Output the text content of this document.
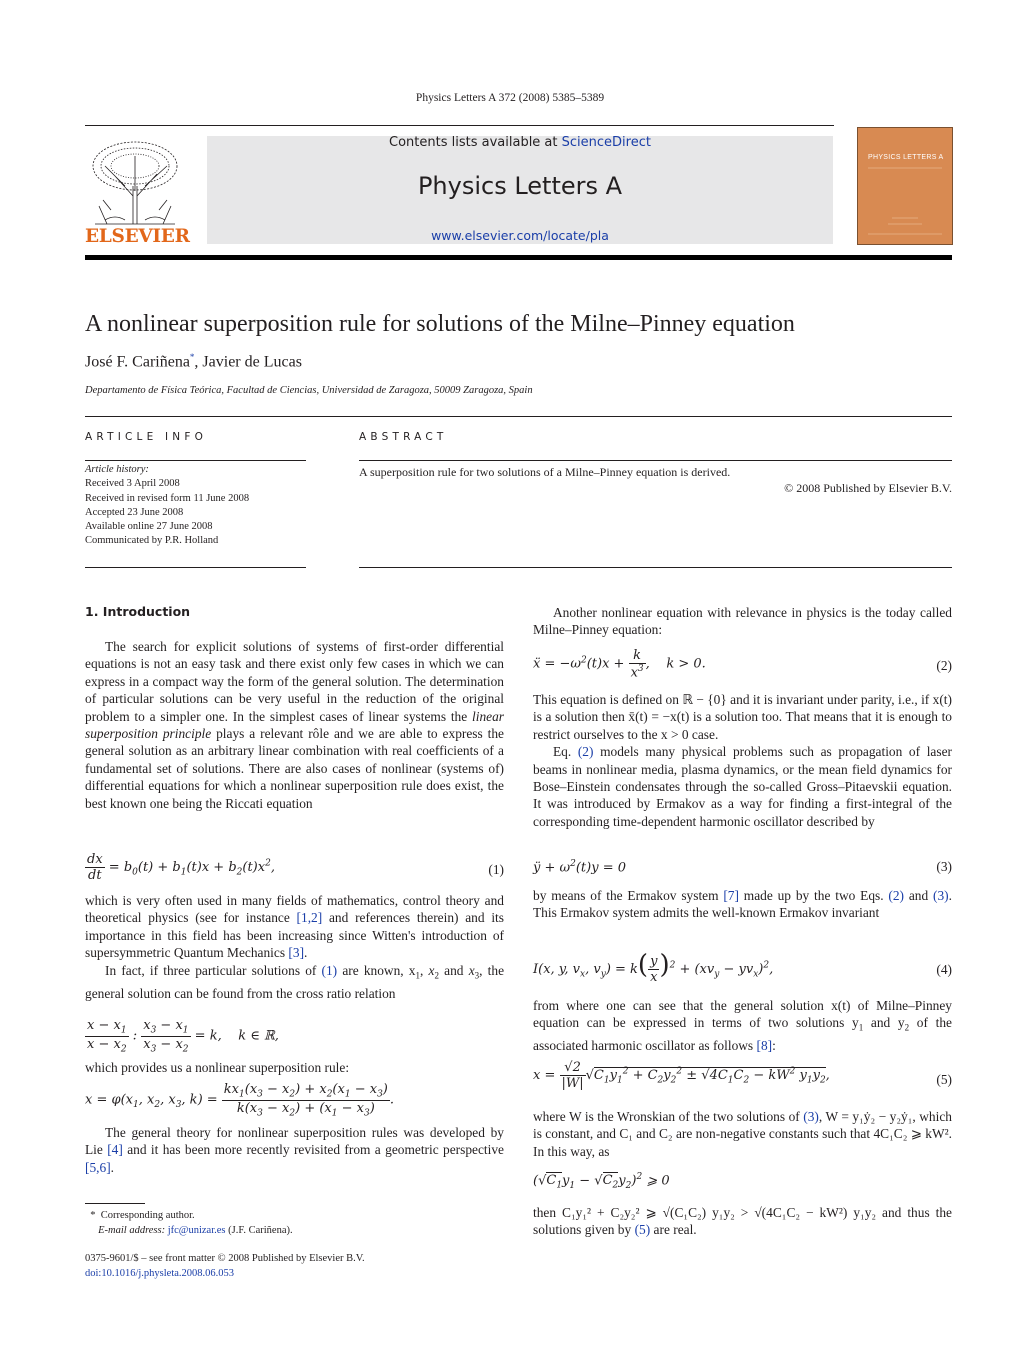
Physics Letters A 372 (2008) 5385–5389
ELSEVIER
Contents lists available at ScienceDirect
Physics Letters A
www.elsevier.com/locate/pla
PHYSICS LETTERS A
A nonlinear superposition rule for solutions of the Milne–Pinney equation
José F. Cariñena*, Javier de Lucas
Departamento de Física Teórica, Facultad de Ciencias, Universidad de Zaragoza, 50009 Zaragoza, Spain
ARTICLE INFO	ABSTRACT
Article history:
Received 3 April 2008
Received in revised form 11 June 2008
Accepted 23 June 2008
Available online 27 June 2008
Communicated by P.R. Holland
A superposition rule for two solutions of a Milne–Pinney equation is derived.
© 2008 Published by Elsevier B.V.
1. Introduction

The search for explicit solutions of systems of first-order differential equations is not an easy task and there exist only few cases in which we can express in a compact way the form of the general solution. The determination of particular solutions can be very useful in the reduction of the original problem to a simpler one. In the simplest cases of linear systems the linear superposition principle plays a relevant rôle and we are able to express the general solution as an arbitrary linear combination with real coefficients of a fundamental set of solutions. There are also cases of nonlinear (systems of) differential equations for which a nonlinear superposition rule does exist, the best known one being the Riccati equation

$\frac{dx}{dt} = b_0(t) + b_1(t)x + b_2(t)x^2$,	(1)

which is very often used in many fields of mathematics, control theory and theoretical physics (see for instance [1,2] and references therein) and its importance in this field has been increasing since Witten's introduction of supersymmetric Quantum Mechanics [3].

In fact, if three particular solutions of (1) are known, $x_1$, $x_2$ and $x_3$, the general solution can be found from the cross ratio relation

$\frac{x - x_1}{x - x_2}$ : $\frac{x_3 - x_1}{x_3 - x_2} = k$,    k ∈ ℝ,

which provides us a nonlinear superposition rule:

$x = \varphi(x_1$, $x_2$, $x_3$, $k) = \frac{kx_1(x_3 - x_2) + x_2(x_1 - x_3)}{k(x_3 - x_2) + (x_1 - x_3)}$ .

The general theory for nonlinear superposition rules was developed by Lie [4] and it has been more recently revisited from a geometric perspective [5,6].

Another nonlinear equation with relevance in physics is the today called Milne–Pinney equation:

ẍ = $-\omega^2(t)x + \frac{k}{x^3}$ ,    k > 0.	(2)

This equation is defined on ℝ − {0} and it is invariant under parity, i.e., if x(t) is a solution then x̄(t) = −x(t) is a solution too. That means that it is enough to restrict ourselves to the x > 0 case.

Eq. (2) models many physical problems such as propagation of laser beams in nonlinear media, plasma dynamics, or the mean field dynamics for Bose–Einstein condensates through the so-called Gross–Pitaevskii equation. It was introduced by Ermakov as a way for finding a first-integral of the corresponding time-dependent harmonic oscillator described by

ÿ + $\omega^2(t)y = 0$	(3)

by means of the Ermakov system [7] made up by the two Eqs. (2) and (3). This Ermakov system admits the well-known Ermakov invariant

I(x, y, $v_x$, $v_y) = k( \frac{y}{x} )^2 + (xv_y - yv_x)^2$,	(4)

from where one can see that the general solution x(t) of Milne–Pinney equation can be expressed in terms of two solutions $y_1$ and $y_2$ of the associated harmonic oscillator as follows [8]:

$x = \frac{√2}{|W|} √C_1y_1^2 + C_2y_2^2 \pm √4C_1C_2 - kW^2$ $y_1y_2$,	(5)

where W is the Wronskian of the two solutions of (3), W = y₁ẏ₂ − y₂ẏ₁, which is constant, and C₁ and C₂ are non-negative constants such that 4C₁C₂ ⩾ kW². In this way, as

$(√C_1y_1 - √C_2y_2)^2$ ⩾ 0

then C₁y₁² + C₂y₂² ⩾ √(C₁C₂) y₁y₂ > √(4C₁C₂ − kW²) y₁y₂ and thus the solutions given by (5) are real.

* Corresponding author.
E-mail address: jfc@unizar.es (J.F. Cariñena).
0375-9601/$ – see front matter © 2008 Published by Elsevier B.V.
doi:10.1016/j.physleta.2008.06.053
